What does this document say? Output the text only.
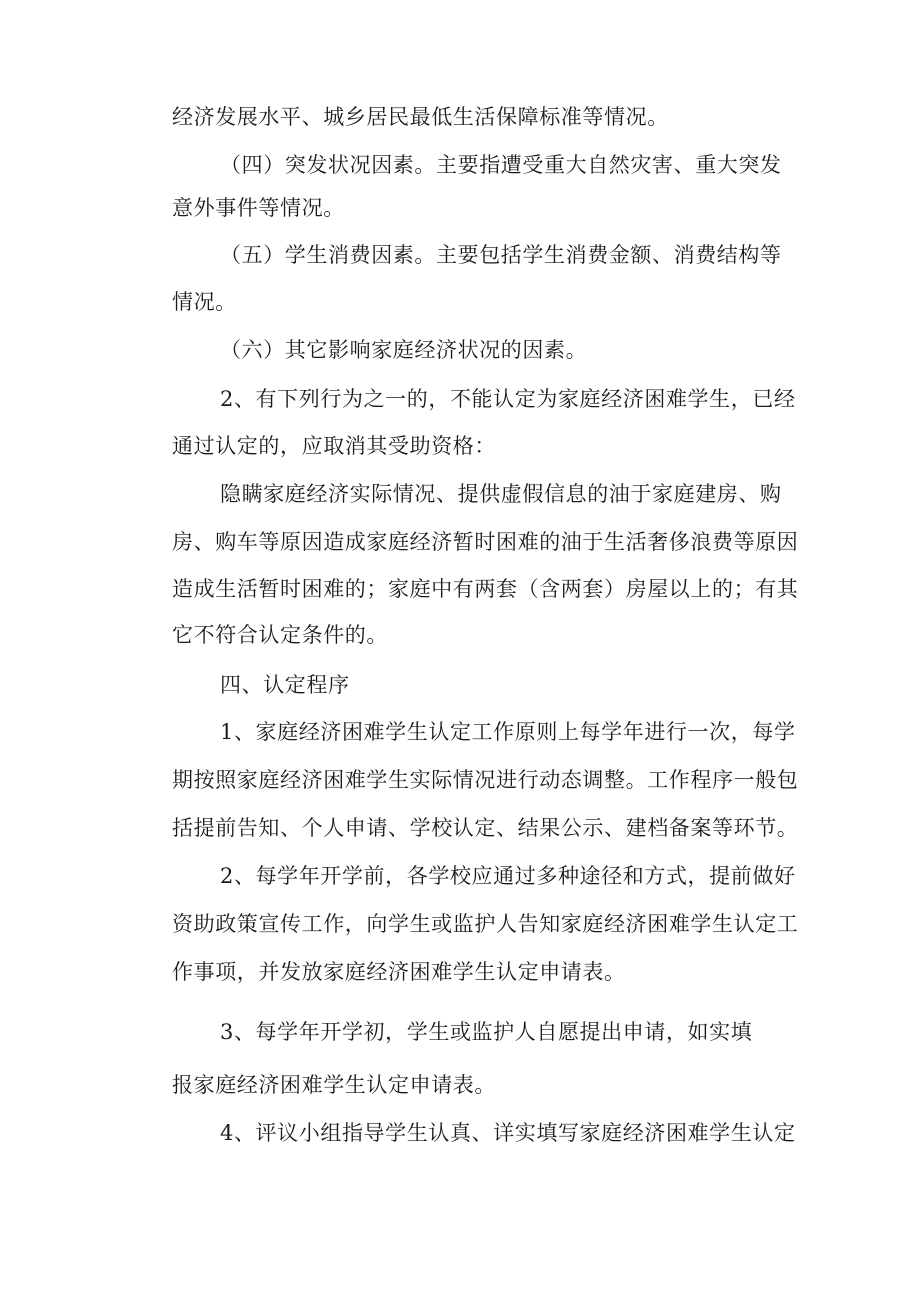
经济发展水平、城乡居民最低生活保障标准等情况。
（四）突发状况因素。主要指遭受重大自然灾害、重大突发
意外事件等情况。
（五）学生消费因素。主要包括学生消费金额、消费结构等
情况。
（六）其它影响家庭经济状况的因素。
2、有下列行为之一的，不能认定为家庭经济困难学生，已经
通过认定的，应取消其受助资格：
隐瞒家庭经济实际情况、提供虚假信息的油于家庭建房、购
房、购车等原因造成家庭经济暂时困难的油于生活奢侈浪费等原因
造成生活暂时困难的；家庭中有两套（含两套）房屋以上的；有其
它不符合认定条件的。
四、认定程序
1、家庭经济困难学生认定工作原则上每学年进行一次，每学
期按照家庭经济困难学生实际情况进行动态调整。工作程序一般包
括提前告知、个人申请、学校认定、结果公示、建档备案等环节。
2、每学年开学前，各学校应通过多种途径和方式，提前做好
资助政策宣传工作，向学生或监护人告知家庭经济困难学生认定工
作事项，并发放家庭经济困难学生认定申请表。
3、每学年开学初，学生或监护人自愿提出申请，如实填
报家庭经济困难学生认定申请表。
4、评议小组指导学生认真、详实填写家庭经济困难学生认定
